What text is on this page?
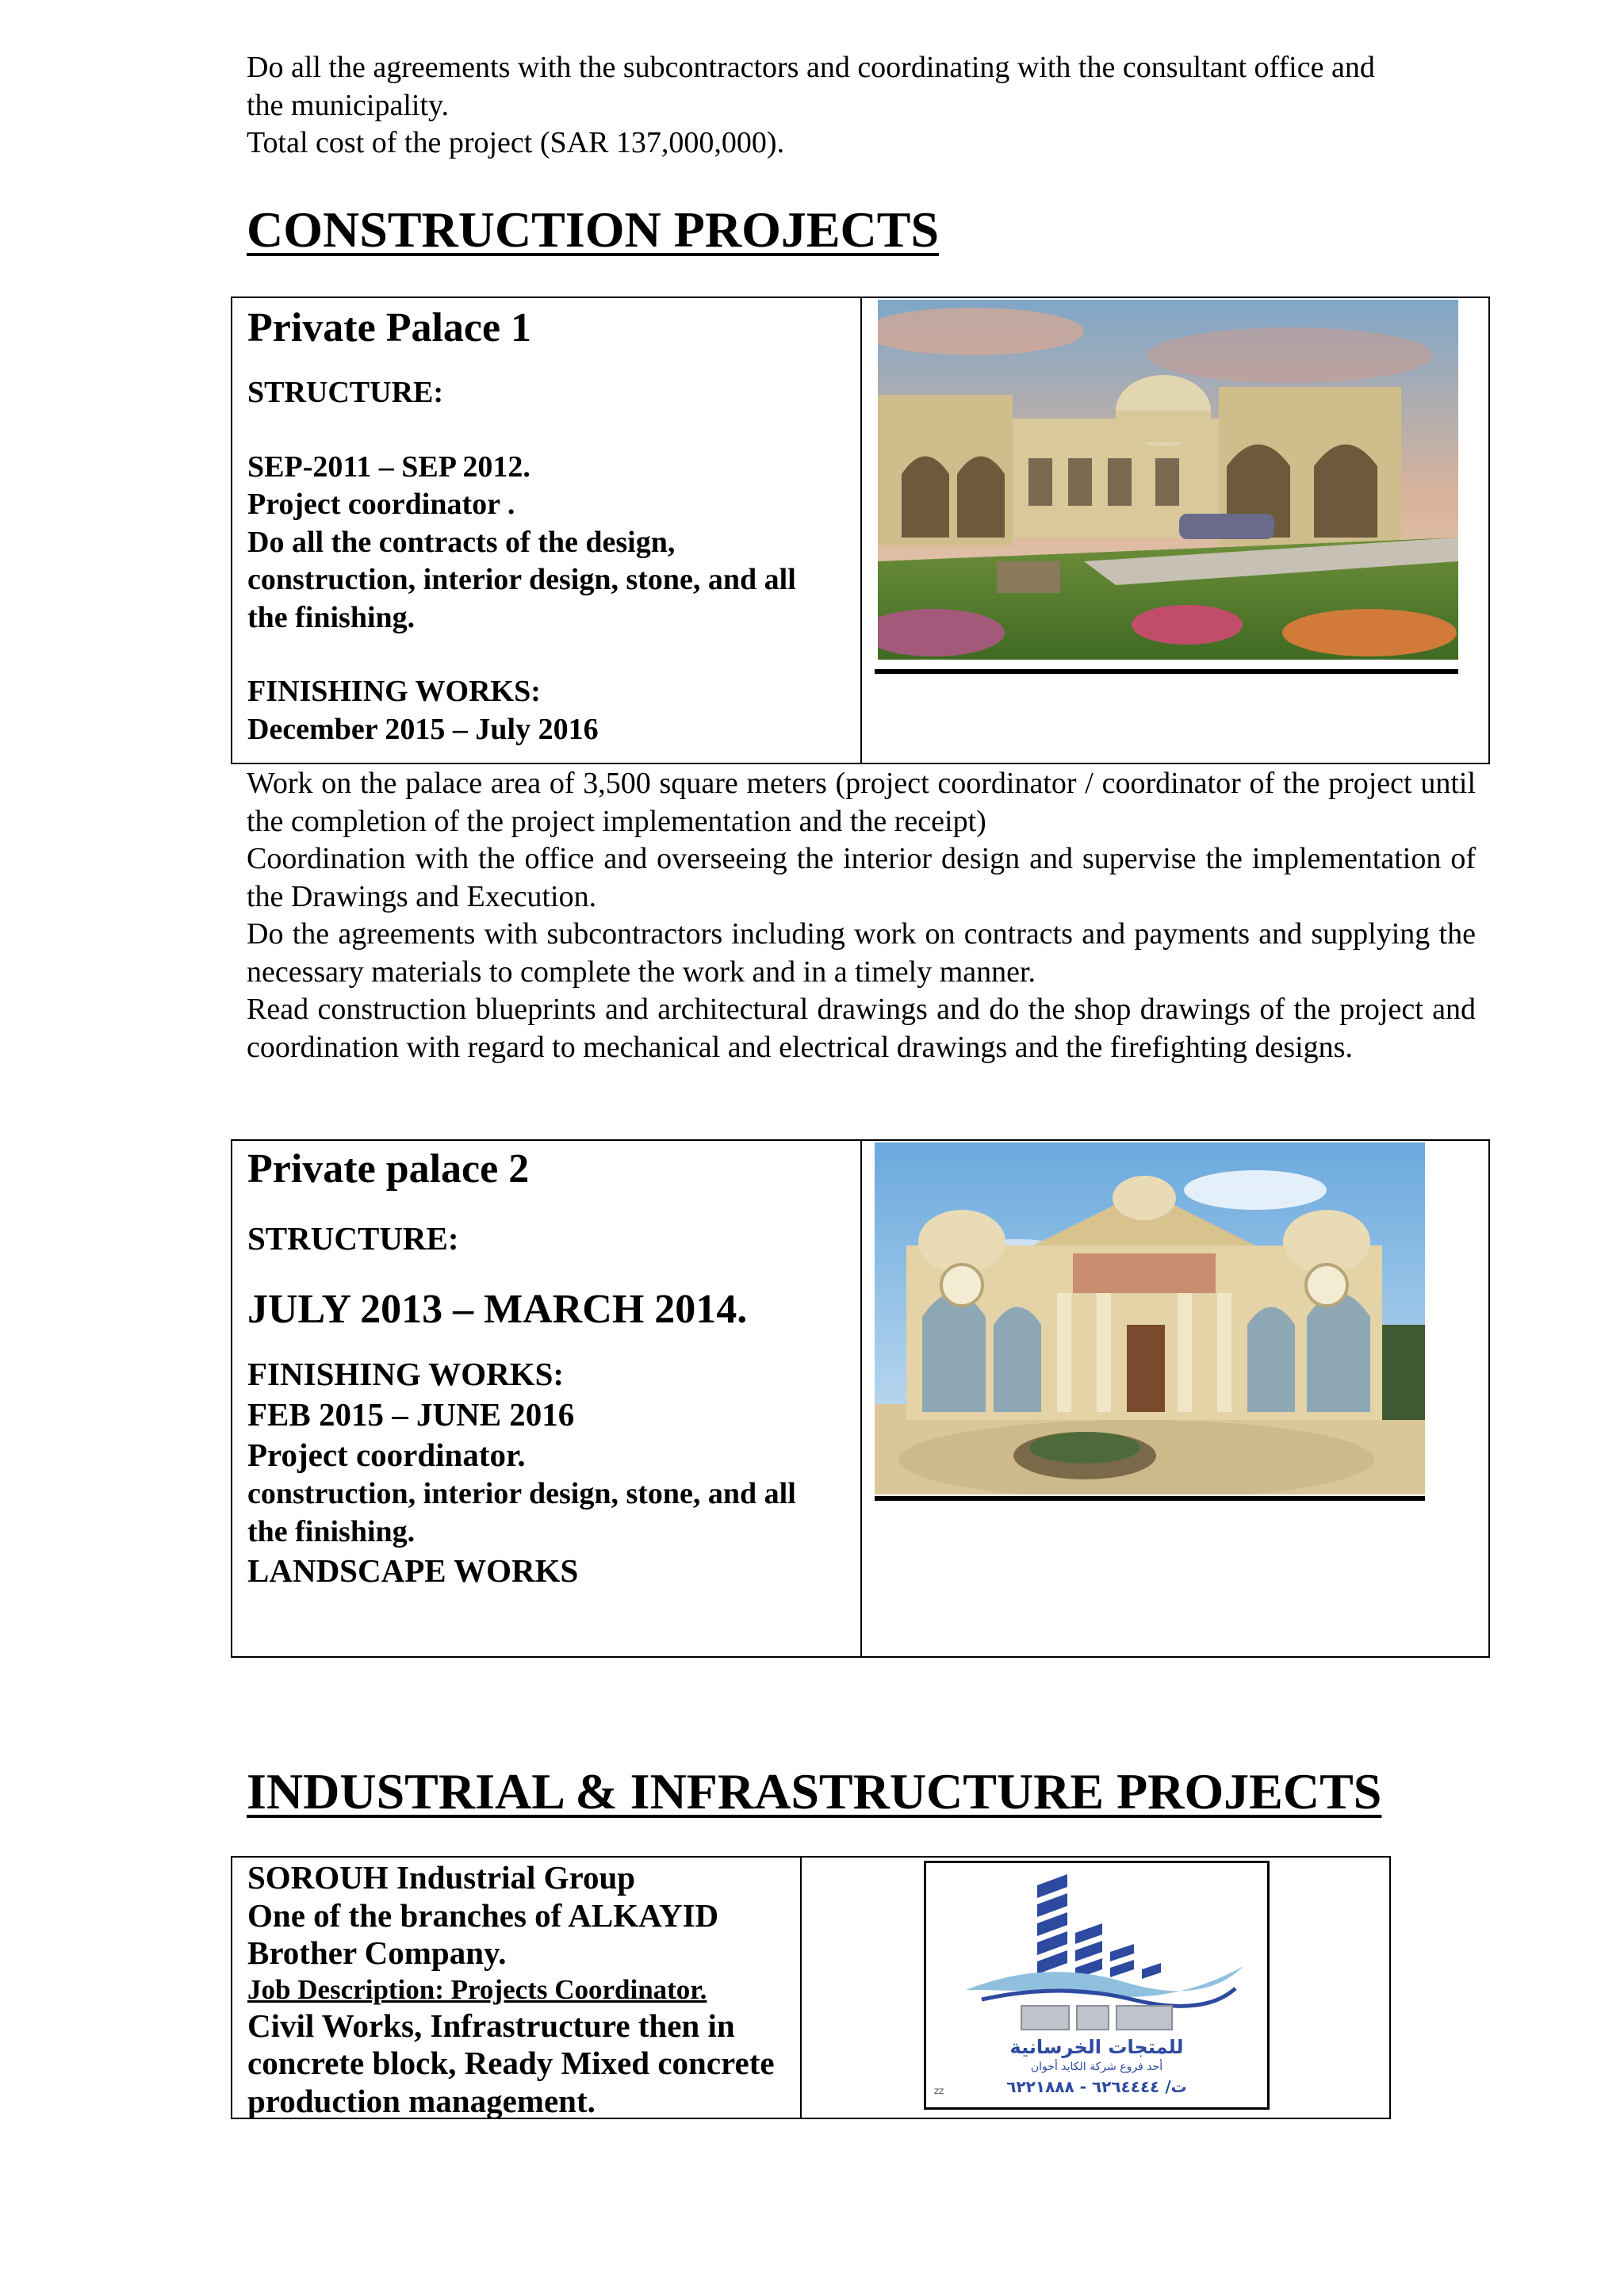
Do all the agreements with the subcontractors and coordinating with the consultant office and
the municipality.
Total cost of the project (SAR 137,000,000).
CONSTRUCTION PROJECTS
Private Palace 1
STRUCTURE:
SEP-2011 – SEP 2012.
Project coordinator .
Do all the contracts of the design,
construction, interior design, stone, and all
the finishing.
FINISHING WORKS:
December 2015 – July 2016
Work on the palace area of 3,500 square meters (project coordinator / coordinator of the project until the completion of the project implementation and the receipt)
Coordination with the office and overseeing the interior design and supervise the implementation of the Drawings and Execution.
Do the agreements with subcontractors including work on contracts and payments and supplying the necessary materials to complete the work and in a timely manner.
Read construction blueprints and architectural drawings and do the shop drawings of the project and coordination with regard to mechanical and electrical drawings and the firefighting designs.
Private palace 2
STRUCTURE:
JULY 2013 – MARCH 2014.
FINISHING WORKS:
FEB 2015 – JUNE 2016
Project coordinator.
construction, interior design, stone, and all
the finishing.
LANDSCAPE WORKS
INDUSTRIAL & INFRASTRUCTURE PROJECTS
SOROUH Industrial Group
One of the branches of ALKAYID
Brother Company.
Job Description: Projects Coordinator.
Civil Works, Infrastructure then in
concrete block, Ready Mixed concrete
production management.
للمتجات الخرسانية
أحد فروع شركة الكايد أخوان
ت/ ٦٢٦٤٤٤٤ - ٦٢٢١٨٨٨
ZZ
